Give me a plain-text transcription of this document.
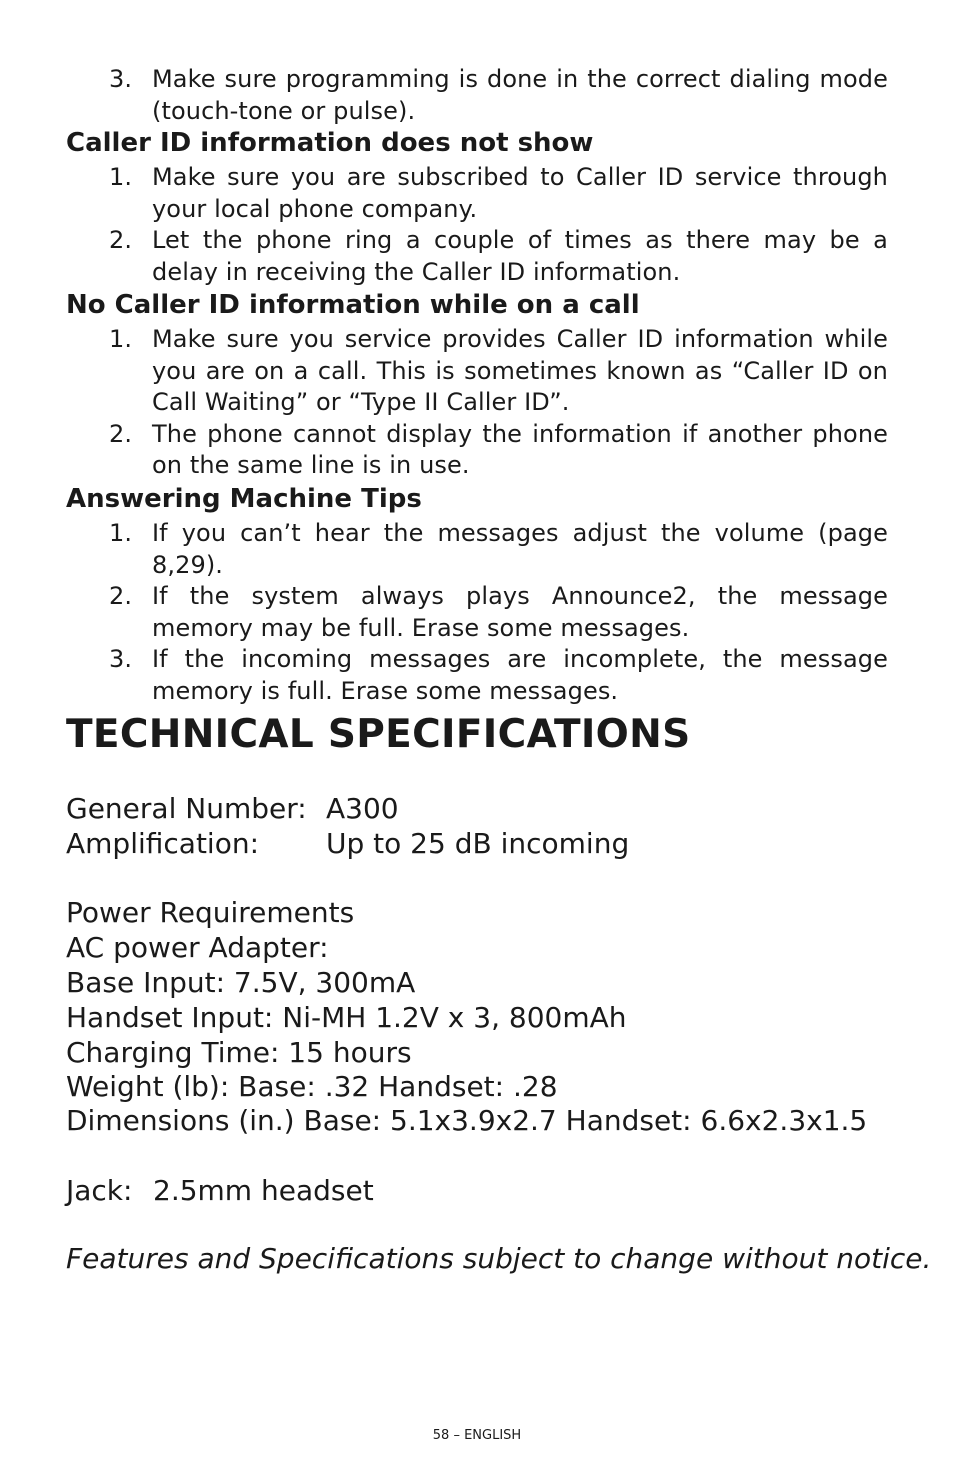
3. Make sure programming is done in the correct dialing mode (touch-tone or pulse).
Caller ID information does not show
1. Make sure you are subscribed to Caller ID service through your local phone company.
2. Let the phone ring a couple of times as there may be a delay in receiving the Caller ID information.
No Caller ID information while on a call
1. Make sure you service provides Caller ID information while you are on a call. This is sometimes known as “Caller ID on Call Waiting” or “Type II Caller ID”.
2. The phone cannot display the information if another phone on the same line is in use.
Answering Machine Tips
1. If you can’t hear the messages adjust the volume (page 8,29).
2. If the system always plays Announce2, the message memory may be full. Erase some messages.
3. If the incoming messages are incomplete, the message memory is full. Erase some messages.
TECHNICAL SPECIFICATIONS
General Number: A300
Amplification: Up to 25 dB incoming
Power Requirements
AC power Adapter:
Base Input: 7.5V, 300mA
Handset Input: Ni-MH 1.2V x 3, 800mAh
Charging Time: 15 hours
Weight (lb): Base: .32 Handset: .28
Dimensions (in.) Base: 5.1x3.9x2.7 Handset: 6.6x2.3x1.5
Jack: 2.5mm headset
Features and Specifications subject to change without notice.
58 – ENGLISH
